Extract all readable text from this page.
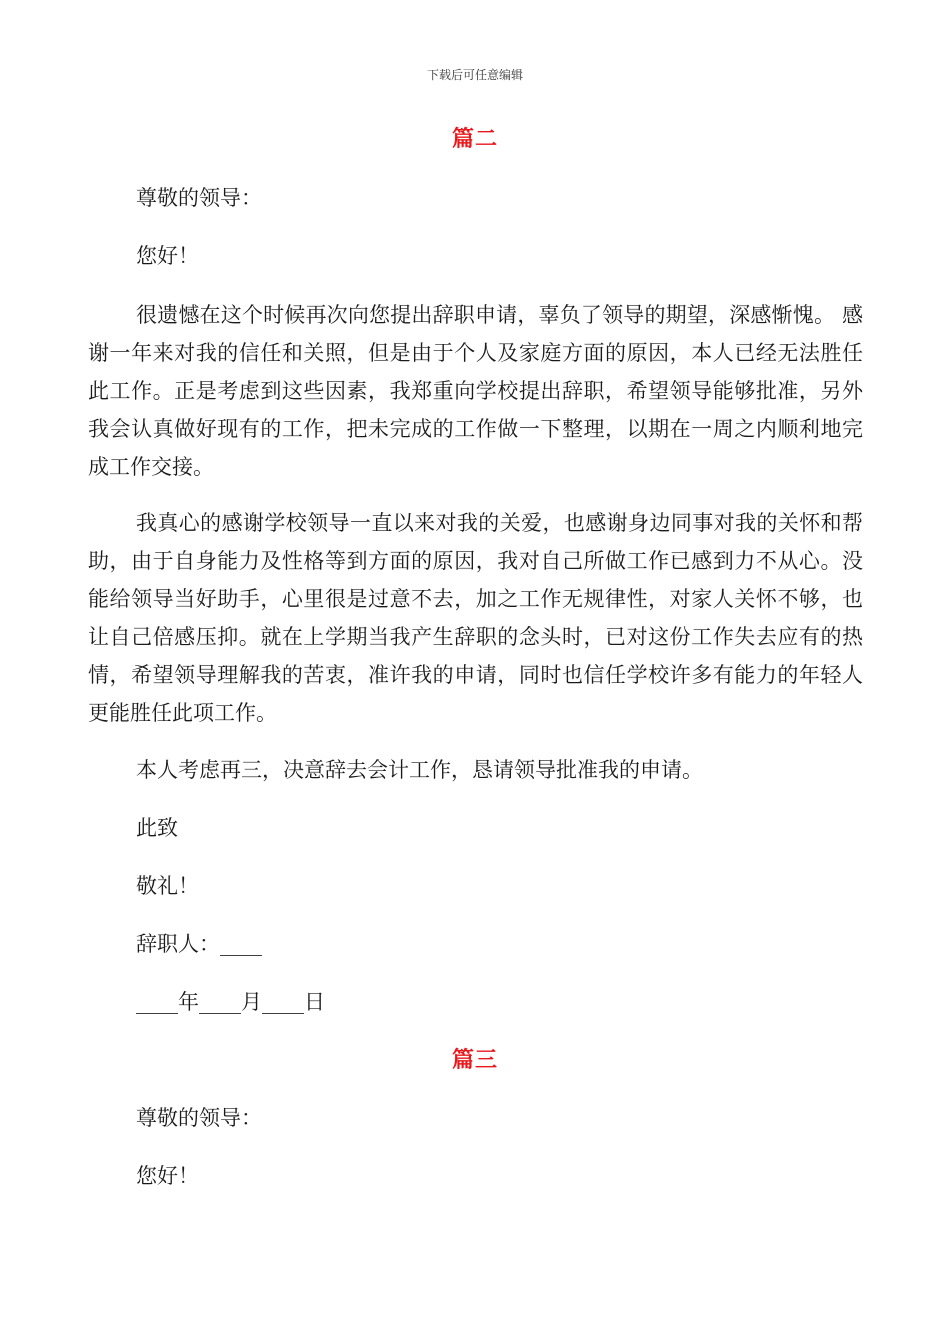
下载后可任意编辑
篇二
尊敬的领导：
您好！
很遗憾在这个时候再次向您提出辞职申请，辜负了领导的期望，深感惭愧。 感谢一年来对我的信任和关照，但是由于个人及家庭方面的原因，本人已经无法胜任此工作。正是考虑到这些因素，我郑重向学校提出辞职，希望领导能够批准，另外我会认真做好现有的工作，把未完成的工作做一下整理，以期在一周之内顺利地完成工作交接。
我真心的感谢学校领导一直以来对我的关爱，也感谢身边同事对我的关怀和帮助，由于自身能力及性格等到方面的原因，我对自己所做工作已感到力不从心。没能给领导当好助手，心里很是过意不去，加之工作无规律性，对家人关怀不够，也让自己倍感压抑。就在上学期当我产生辞职的念头时，已对这份工作失去应有的热情，希望领导理解我的苦衷，准许我的申请，同时也信任学校许多有能力的年轻人更能胜任此项工作。
本人考虑再三，决意辞去会计工作，恳请领导批准我的申请。
此致
敬礼！
辞职人：____
____年____月____日
篇三
尊敬的领导：
您好！
